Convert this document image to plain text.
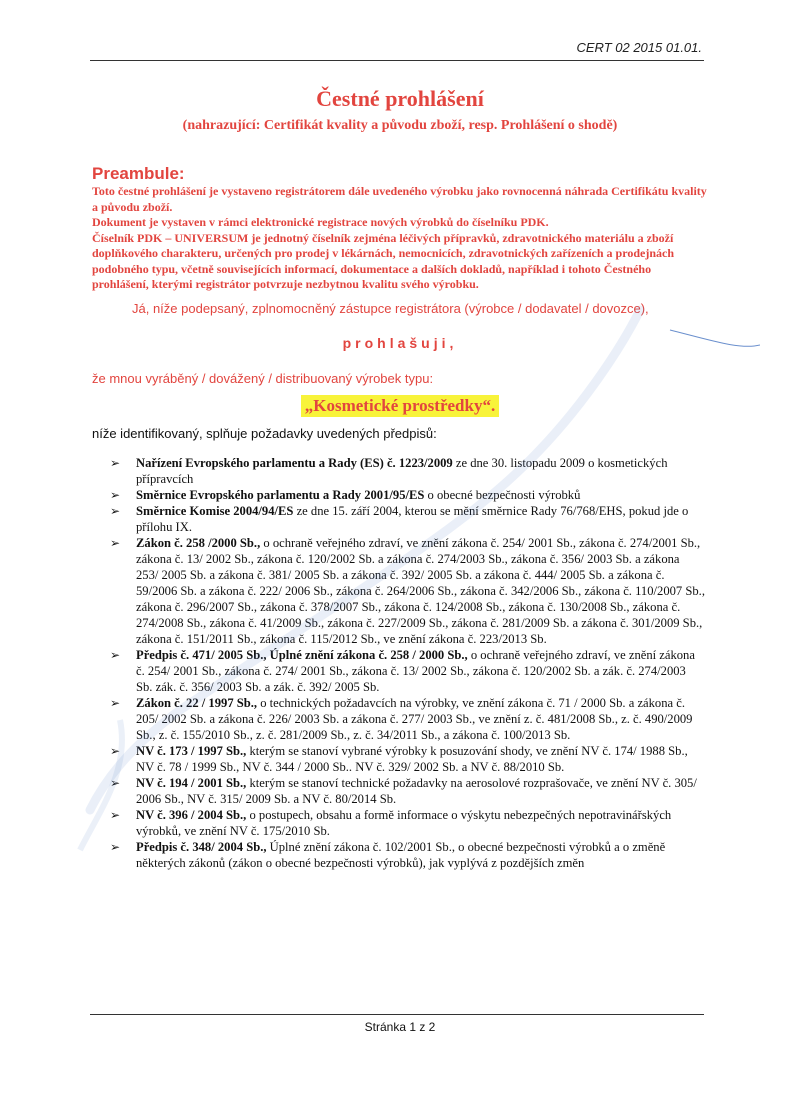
CERT 02 2015 01.01.
Čestné prohlášení
(nahrazující: Certifikát kvality a původu zboží, resp. Prohlášení o shodě)
Preambule:
Toto čestné prohlášení je vystaveno registrátorem dále uvedeného výrobku jako rovnocenná náhrada Certifikátu kvality a původu zboží.
Dokument je vystaven v rámci elektronické registrace nových výrobků do číselníku PDK.
Číselník PDK – UNIVERSUM je jednotný číselník zejména léčivých přípravků, zdravotnického materiálu a zboží doplňkového charakteru, určených pro prodej v lékárnách, nemocnicích, zdravotnických zařízeních a prodejnách podobného typu, včetně souvisejících informací, dokumentace a dalších dokladů, například i tohoto Čestného prohlášení, kterými registrátor potvrzuje nezbytnou kvalitu svého výrobku.
Já, níže podepsaný, zplnomocněný zástupce registrátora (výrobce / dodavatel / dovozce),
prohlašuji,
že mnou vyráběný / dovážený / distribuovaný výrobek typu:
„Kosmetické prostředky“.
níže identifikovaný, splňuje požadavky uvedených předpisů:
➢ Nařízení Evropského parlamentu a Rady (ES) č. 1223/2009 ze dne 30. listopadu 2009 o kosmetických přípravcích
➢ Směrnice Evropského parlamentu a Rady 2001/95/ES o obecné bezpečnosti výrobků
➢ Směrnice Komise 2004/94/ES ze dne 15. září 2004, kterou se mění směrnice Rady 76/768/EHS, pokud jde o přílohu IX.
➢ Zákon č. 258 /2000 Sb., o ochraně veřejného zdraví, ve znění zákona č. 254/ 2001 Sb., zákona č. 274/2001 Sb., zákona č. 13/ 2002 Sb., zákona č. 120/2002 Sb. a zákona č. 274/2003 Sb., zákona č. 356/ 2003 Sb. a zákona 253/ 2005 Sb. a zákona č. 381/ 2005 Sb. a zákona č. 392/ 2005 Sb. a zákona č. 444/ 2005 Sb. a zákona č. 59/2006 Sb. a zákona č. 222/ 2006 Sb., zákona č. 264/2006 Sb., zákona č. 342/2006 Sb., zákona č. 110/2007 Sb., zákona č. 296/2007 Sb., zákona č. 378/2007 Sb., zákona č. 124/2008 Sb., zákona č. 130/2008 Sb., zákona č. 274/2008 Sb., zákona č. 41/2009 Sb., zákona č. 227/2009 Sb., zákona č. 281/2009 Sb. a zákona č. 301/2009 Sb., zákona č. 151/2011 Sb., zákona č. 115/2012 Sb., ve znění zákona č. 223/2013 Sb.
➢ Předpis č. 471/ 2005 Sb., Úplné znění zákona č. 258 / 2000 Sb., o ochraně veřejného zdraví, ve znění zákona č. 254/ 2001 Sb., zákona č. 274/ 2001 Sb., zákona č. 13/ 2002 Sb., zákona č. 120/2002 Sb. a zák. č. 274/2003 Sb. zák. č. 356/ 2003 Sb. a zák. č. 392/ 2005 Sb.
➢ Zákon č. 22 / 1997 Sb., o technických požadavcích na výrobky, ve znění zákona č. 71 / 2000 Sb. a zákona č. 205/ 2002 Sb. a zákona č. 226/ 2003 Sb. a zákona č. 277/ 2003 Sb., ve znění z. č. 481/2008 Sb., z. č. 490/2009 Sb., z. č. 155/2010 Sb., z. č. 281/2009 Sb., z. č. 34/2011 Sb., a zákona č. 100/2013 Sb.
➢ NV č. 173 / 1997 Sb., kterým se stanoví vybrané výrobky k posuzování shody, ve znění NV č. 174/ 1988 Sb., NV č. 78 / 1999 Sb., NV č. 344 / 2000 Sb.. NV č. 329/ 2002 Sb. a NV č. 88/2010 Sb.
➢ NV č. 194 / 2001 Sb., kterým se stanoví technické požadavky na aerosolové rozprašovače, ve znění NV č. 305/ 2006 Sb., NV č. 315/ 2009 Sb. a NV č. 80/2014 Sb.
➢ NV č. 396 / 2004 Sb., o postupech, obsahu a formě informace o výskytu nebezpečných nepotravinářských výrobků, ve znění NV č. 175/2010 Sb.
➢ Předpis č. 348/ 2004 Sb., Úplné znění zákona č. 102/2001 Sb., o obecné bezpečnosti výrobků a o změně některých zákonů (zákon o obecné bezpečnosti výrobků), jak vyplývá z pozdějších změn
Stránka 1 z 2
